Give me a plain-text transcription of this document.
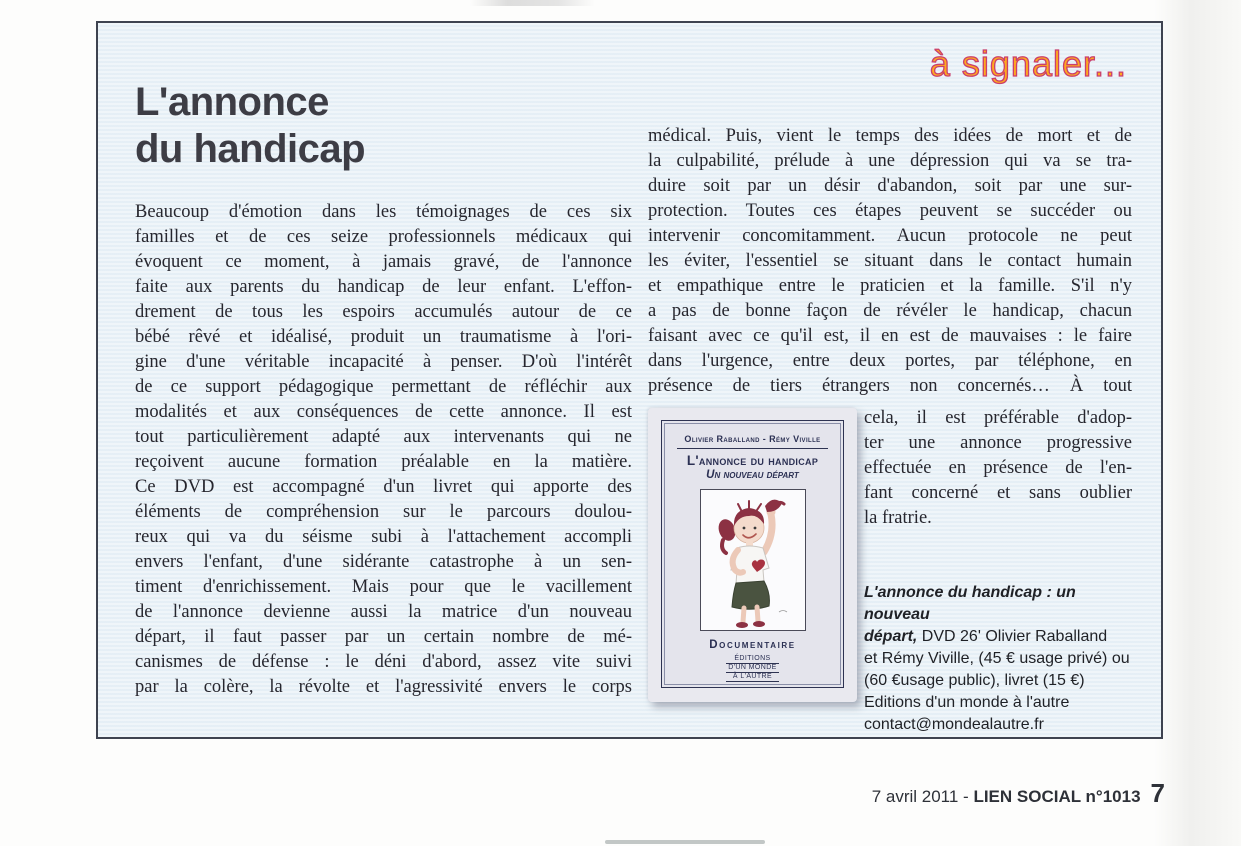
à signaler...
L'annonce
du handicap
Beaucoup d'émotion dans les témoignages de ces six
familles et de ces seize professionnels médicaux qui
évoquent ce moment, à jamais gravé, de l'annonce
faite aux parents du handicap de leur enfant. L'effon-
drement de tous les espoirs accumulés autour de ce
bébé rêvé et idéalisé, produit un traumatisme à l'ori-
gine d'une véritable incapacité à penser. D'où l'intérêt
de ce support pédagogique permettant de réfléchir aux
modalités et aux conséquences de cette annonce. Il est
tout particulièrement adapté aux intervenants qui ne
reçoivent aucune formation préalable en la matière.
Ce DVD est accompagné d'un livret qui apporte des
éléments de compréhension sur le parcours doulou-
reux qui va du séisme subi à l'attachement accompli
envers l'enfant, d'une sidérante catastrophe à un sen-
timent d'enrichissement. Mais pour que le vacillement
de l'annonce devienne aussi la matrice d'un nouveau
départ, il faut passer par un certain nombre de mé-
canismes de défense : le déni d'abord, assez vite suivi
par la colère, la révolte et l'agressivité envers le corps
médical. Puis, vient le temps des idées de mort et de
la culpabilité, prélude à une dépression qui va se tra-
duire soit par un désir d'abandon, soit par une sur-
protection. Toutes ces étapes peuvent se succéder ou
intervenir concomitamment. Aucun protocole ne peut
les éviter, l'essentiel se situant dans le contact humain
et empathique entre le praticien et la famille. S'il n'y
a pas de bonne façon de révéler le handicap, chacun
faisant avec ce qu'il est, il en est de mauvaises : le faire
dans l'urgence, entre deux portes, par téléphone, en
présence de tiers étrangers non concernés… À tout
cela, il est préférable d'adop-
ter une annonce progressive
effectuée en présence de l'en-
fant concerné et sans oublier
la fratrie.
Olivier Raballand - Rémy Viville
L'annonce du handicap
Un nouveau départ
Documentaire
ÉDITIONS
D'UN MONDE
À L'AUTRE
L'annonce du handicap : un nouveau
départ, DVD 26' Olivier Raballand
et Rémy Viville, (45 € usage privé) ou
(60 €usage public), livret (15 €)
Editions d'un monde à l'autre
contact@mondealautre.fr
7 avril 2011 - LIEN SOCIAL n°1013 7
